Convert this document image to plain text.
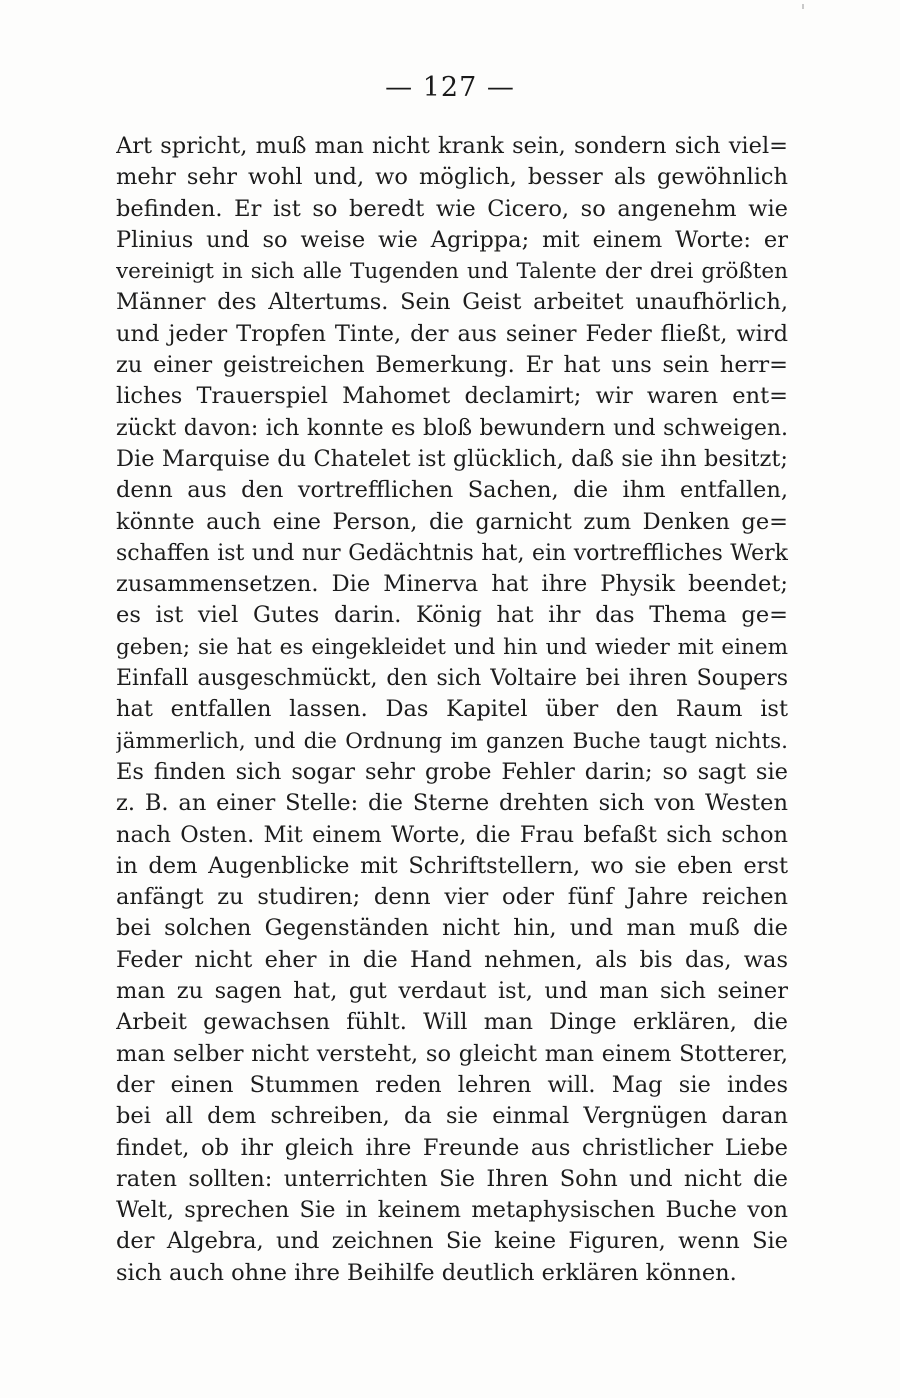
— 127 —
Art spricht, muß man nicht krank sein, sondern sich viel=
mehr sehr wohl und, wo möglich, besser als gewöhnlich
befinden. Er ist so beredt wie Cicero, so angenehm wie
Plinius und so weise wie Agrippa; mit einem Worte: er
vereinigt in sich alle Tugenden und Talente der drei größten
Männer des Altertums. Sein Geist arbeitet unaufhörlich,
und jeder Tropfen Tinte, der aus seiner Feder fließt, wird
zu einer geistreichen Bemerkung. Er hat uns sein herr=
liches Trauerspiel Mahomet declamirt; wir waren ent=
zückt davon: ich konnte es bloß bewundern und schweigen.
Die Marquise du Chatelet ist glücklich, daß sie ihn besitzt;
denn aus den vortrefflichen Sachen, die ihm entfallen,
könnte auch eine Person, die garnicht zum Denken ge=
schaffen ist und nur Gedächtnis hat, ein vortreffliches Werk
zusammensetzen. Die Minerva hat ihre Physik beendet;
es ist viel Gutes darin. König hat ihr das Thema ge=
geben; sie hat es eingekleidet und hin und wieder mit einem
Einfall ausgeschmückt, den sich Voltaire bei ihren Soupers
hat entfallen lassen. Das Kapitel über den Raum ist
jämmerlich, und die Ordnung im ganzen Buche taugt nichts.
Es finden sich sogar sehr grobe Fehler darin; so sagt sie
z. B. an einer Stelle: die Sterne drehten sich von Westen
nach Osten. Mit einem Worte, die Frau befaßt sich schon
in dem Augenblicke mit Schriftstellern, wo sie eben erst
anfängt zu studiren; denn vier oder fünf Jahre reichen
bei solchen Gegenständen nicht hin, und man muß die
Feder nicht eher in die Hand nehmen, als bis das, was
man zu sagen hat, gut verdaut ist, und man sich seiner
Arbeit gewachsen fühlt. Will man Dinge erklären, die
man selber nicht versteht, so gleicht man einem Stotterer,
der einen Stummen reden lehren will. Mag sie indes
bei all dem schreiben, da sie einmal Vergnügen daran
findet, ob ihr gleich ihre Freunde aus christlicher Liebe
raten sollten: unterrichten Sie Ihren Sohn und nicht die
Welt, sprechen Sie in keinem metaphysischen Buche von
der Algebra, und zeichnen Sie keine Figuren, wenn Sie
sich auch ohne ihre Beihilfe deutlich erklären können.
